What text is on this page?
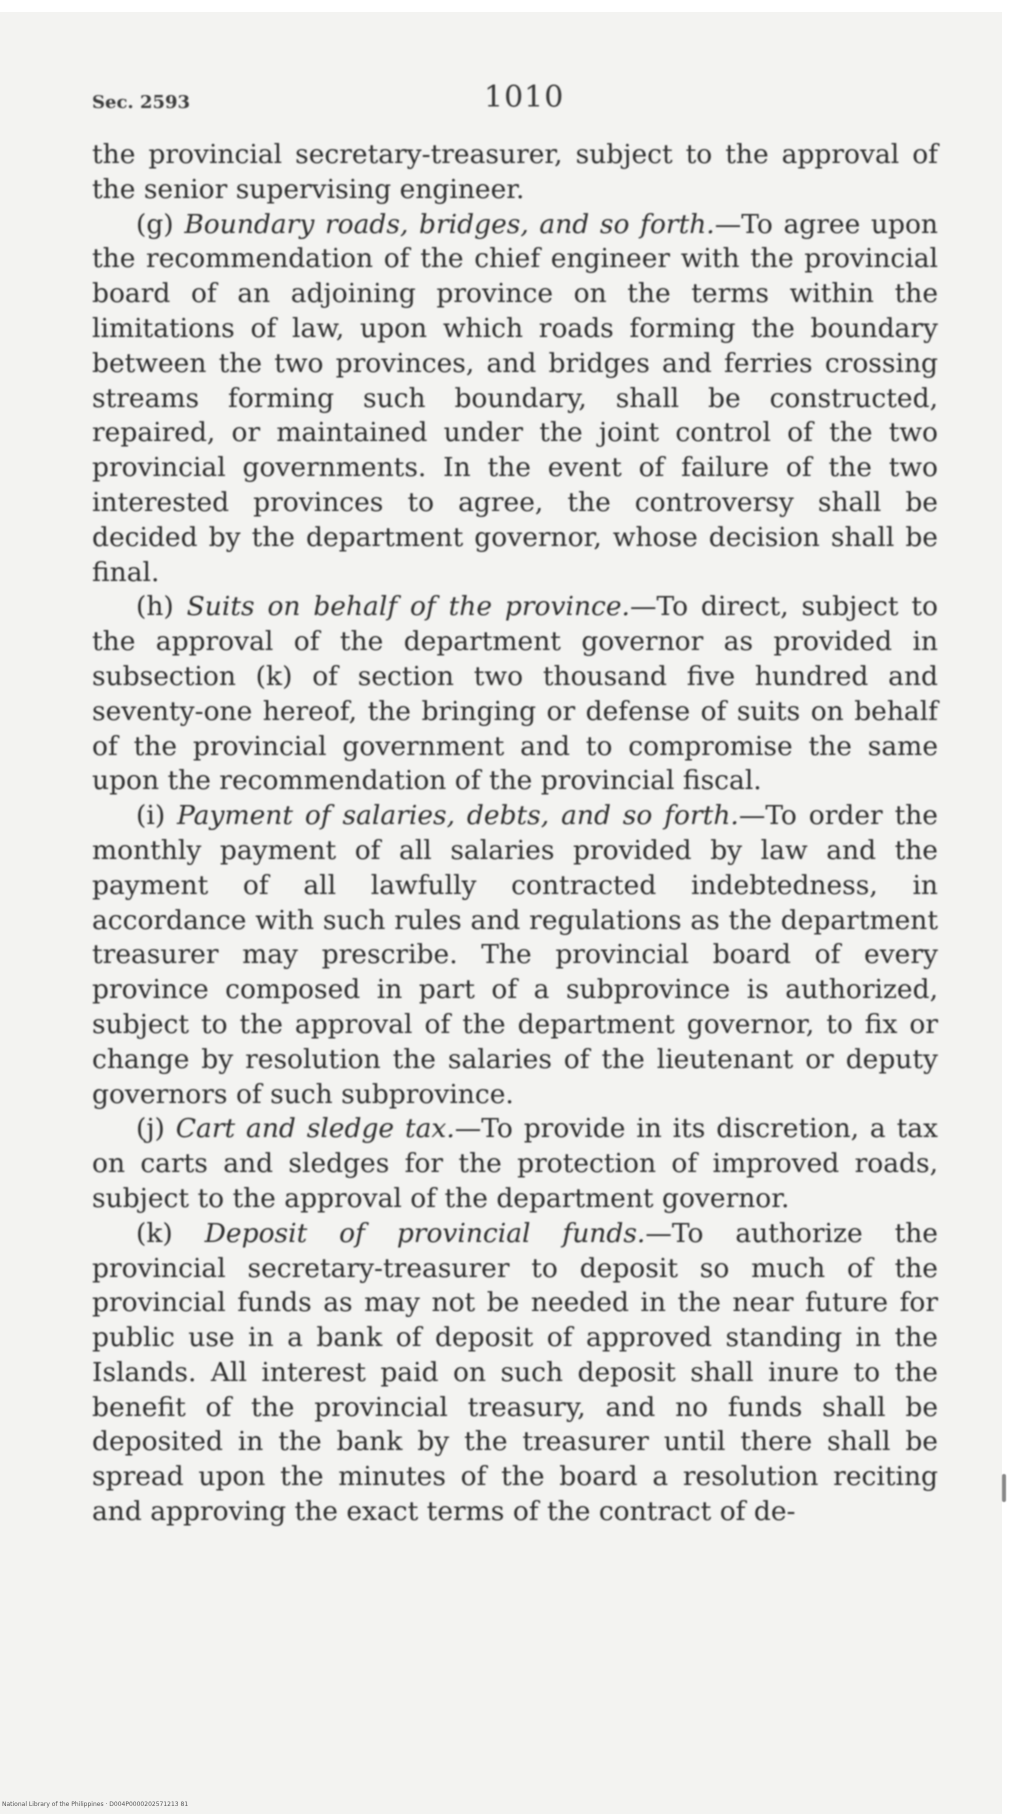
Sec. 2593	1010

the provincial secretary-treasurer, subject to the approval of the senior supervising engineer.

(g) Boundary roads, bridges, and so forth.—To agree upon the recommendation of the chief engineer with the provincial board of an adjoining province on the terms within the limitations of law, upon which roads forming the boundary between the two provinces, and bridges and ferries crossing streams forming such boundary, shall be constructed, repaired, or maintained under the joint control of the two provincial governments. In the event of failure of the two interested provinces to agree, the controversy shall be decided by the department governor, whose decision shall be final.

(h) Suits on behalf of the province.—To direct, subject to the approval of the department governor as provided in subsection (k) of section two thousand five hundred and seventy-one hereof, the bringing or defense of suits on behalf of the provincial government and to compromise the same upon the recommendation of the provincial fiscal.

(i) Payment of salaries, debts, and so forth.—To order the monthly payment of all salaries provided by law and the payment of all lawfully contracted indebtedness, in accordance with such rules and regulations as the department treasurer may prescribe. The provincial board of every province composed in part of a subprovince is authorized, subject to the approval of the department governor, to fix or change by resolution the salaries of the lieutenant or deputy governors of such subprovince.

(j) Cart and sledge tax.—To provide in its discretion, a tax on carts and sledges for the protection of improved roads, subject to the approval of the department governor.

(k) Deposit of provincial funds.—To authorize the provincial secretary-treasurer to deposit so much of the provincial funds as may not be needed in the near future for public use in a bank of deposit of approved standing in the Islands. All interest paid on such deposit shall inure to the benefit of the provincial treasury, and no funds shall be deposited in the bank by the treasurer until there shall be spread upon the minutes of the board a resolution reciting and approving the exact terms of the contract of de-

National Library of the Philippines · D004P0000202571213 81
